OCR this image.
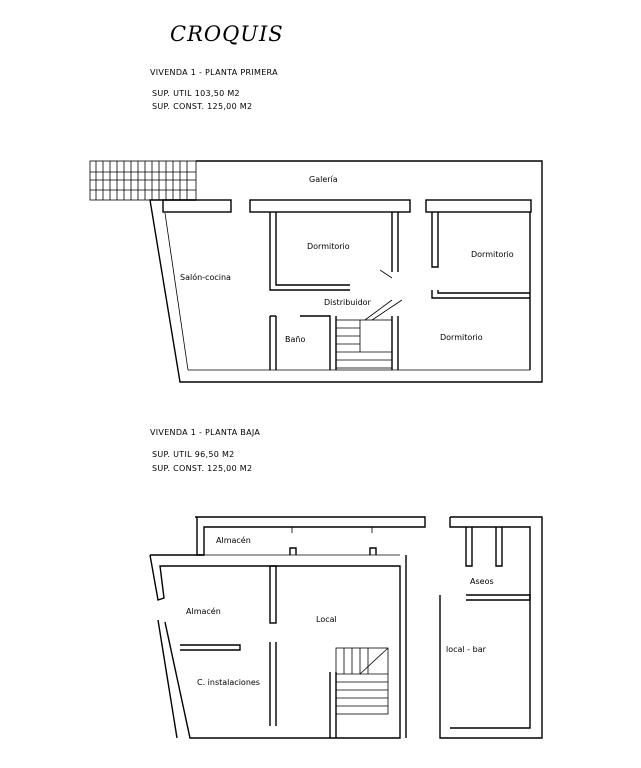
CROQUIS
VIVENDA 1 - PLANTA PRIMERA
SUP. UTIL 103,50 M2
SUP. CONST. 125,00 M2
VIVENDA 1 - PLANTA BAJA
SUP. UTIL 96,50 M2
SUP. CONST. 125,00 M2
Galería
Dormitorio
Dormitorio
Salón-cocina
Distribuidor
Baño	Dormitorio
Almacén
Almacén
Local
C. instalaciones
Aseos
local - bar
